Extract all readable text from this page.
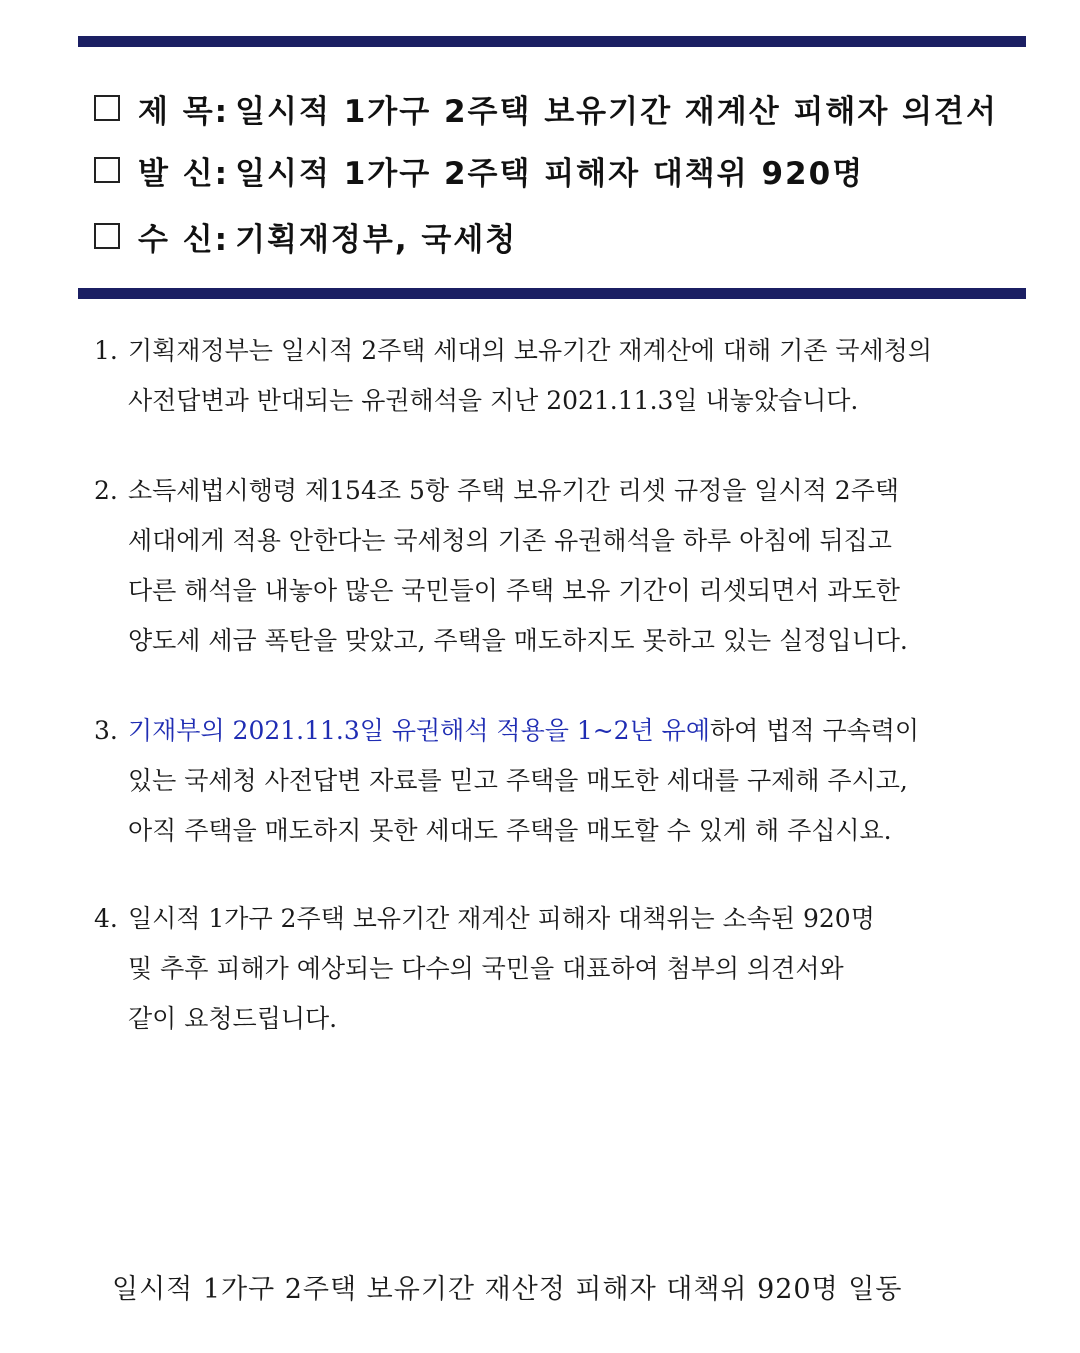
제 목: 일시적 1가구 2주택 보유기간 재계산 피해자 의견서
발 신: 일시적 1가구 2주택 피해자 대책위 920명
수 신: 기획재정부, 국세청
1. 기획재정부는 일시적 2주택 세대의 보유기간 재계산에 대해 기존 국세청의
사전답변과 반대되는 유권해석을 지난 2021.11.3일 내놓았습니다.
2. 소득세법시행령 제154조 5항 주택 보유기간 리셋 규정을 일시적 2주택
세대에게 적용 안한다는 국세청의 기존 유권해석을 하루 아침에 뒤집고
다른 해석을 내놓아 많은 국민들이 주택 보유 기간이 리셋되면서 과도한
양도세 세금 폭탄을 맞았고, 주택을 매도하지도 못하고 있는 실정입니다.
3. 기재부의 2021.11.3일 유권해석 적용을 1~2년 유예하여 법적 구속력이
있는 국세청 사전답변 자료를 믿고 주택을 매도한 세대를 구제해 주시고,
아직 주택을 매도하지 못한 세대도 주택을 매도할 수 있게 해 주십시요.
4. 일시적 1가구 2주택 보유기간 재계산 피해자 대책위는 소속된 920명
및 추후 피해가 예상되는 다수의 국민을 대표하여 첨부의 의견서와
같이 요청드립니다.
일시적 1가구 2주택 보유기간 재산정 피해자 대책위 920명 일동
